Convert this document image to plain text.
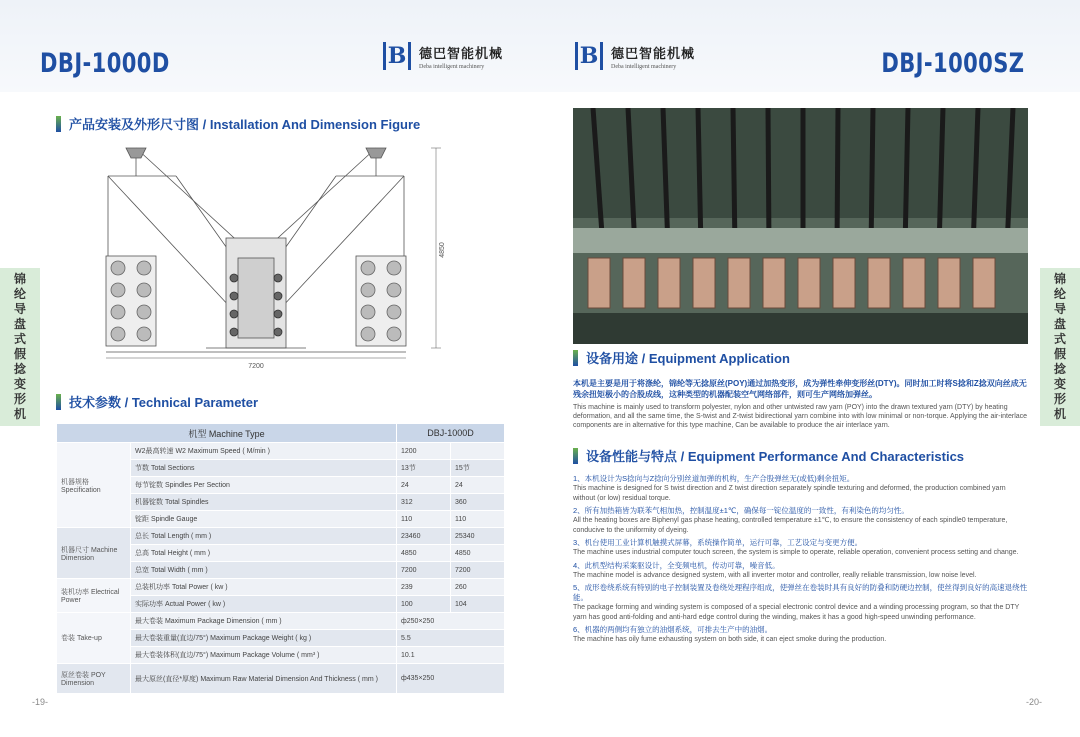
DBJ-1000D	B 德巴智能机械
Deba intelligent machinery	B 德巴智能机械
Deba intelligent machinery	DBJ-1000SZ
产品安装及外形尺寸图 / Installation And Dimension Figure
7200
4850
技术参数 / Technical Parameter
锦
纶
导
盘
式
假
捻
变
形
机
锦
纶
导
盘
式
假
捻
变
形
机
机型 Machine Type		DBJ-1000D	
机器规格 Specification	W2最高转速 W2 Maximum Speed ( M/min )	1200	
	节数 Total Sections	13节	15节
	每节锭数 Spindles Per Section	24	24
	机器锭数 Total Spindles	312	360
	锭距 Spindle Gauge	110	110
机器尺寸 Machine Dimension	总长 Total Length ( mm )	23460	25340
	总高 Total Height ( mm )	4850	4850
	总宽 Total Width ( mm )	7200	7200
装机功率 Electrical Power	总装机功率 Total Power ( kw )	239	260
	实际功率 Actual Power ( kw )	100	104
卷装 Take-up	最大卷装 Maximum Package Dimension ( mm )	ф250×250	
	最大卷装重量(直边/75°) Maximum Package Weight ( kg )	5.5	
	最大卷装体积(直边/75°) Maximum Package Volume ( mm³ )	10.1	
原丝卷装 POY Dimension	最大原丝(直径*厚度) Maximum Raw Material Dimension And Thickness ( mm )	ф435×250	
设备用途 / Equipment Application
本机是主要是用于将涤纶，锦纶等无捻原丝(POY)通过加热变形，成为弹性牵伸变形丝(DTY)。同时加工时将S捻和Z捻双向丝成无残余扭矩极小的合股成线，这种类型的机器配装空气网络部件，则可生产网络加弹丝。
This machine is mainly used to transform polyester, nylon and other untwisted raw yarn (POY) into the drawn textured yarn (DTY) by heating deformation, and all the same time, the S-twist and Z-twist bidirectional yarn combine into with low minimal or non-torque. Applying the air-interlace components are in alternative for this type machine, Can be available to produce the air interlace yarn.
设备性能与特点 / Equipment Performance And Characteristics
1、本机设计为S捻向与Z捻向分别丝道加弹的机构，生产合股弹丝无(或低)剩余扭矩。
This machine is designed for S twist direction and Z twist direction separately spindle texturing and deformed, the production combined yarn without (or low) residual torque.
2、所有加热箱皆为联苯气相加热，控制温度±1℃，确保每一锭位温度的一致性，有利染色的均匀性。
All the heating boxes are Biphenyl gas phase heating, controlled temperature ±1℃, to ensure the consistency of each spindle0 temperature, conducive to the uniformity of dyeing.
3、机台使用工业计算机触摸式屏幕，系统操作简单，运行可靠，工艺设定与变更方便。
The machine uses industrial computer touch screen, the system is simple to operate, reliable operation, convenient process setting and change.
4、此机型结构采案驱设计，全变频电机，传动可靠，噪音低。
The machine model is advance designed system, with all inverter motor and controller, really reliable transmission, low noise level.
5、成形卷绕系统有特别的电子控制装置及卷绕处理程序组成，使弹丝在卷装时具有良好的防叠和防硬边控制，使丝得到良好的高速退绕性能。
The package forming and winding system is composed of a special electronic control device and a winding processing program, so that the DTY yarn has good anti-folding and anti-hard edge control during the winding, makes it has a good high-speed unwinding performance.
6、机器的两侧均有独立的油烟系统，可排去生产中的油烟。
The machine has oily fume exhausting system on both side, it can eject smoke during the production.
-19-	-20-
